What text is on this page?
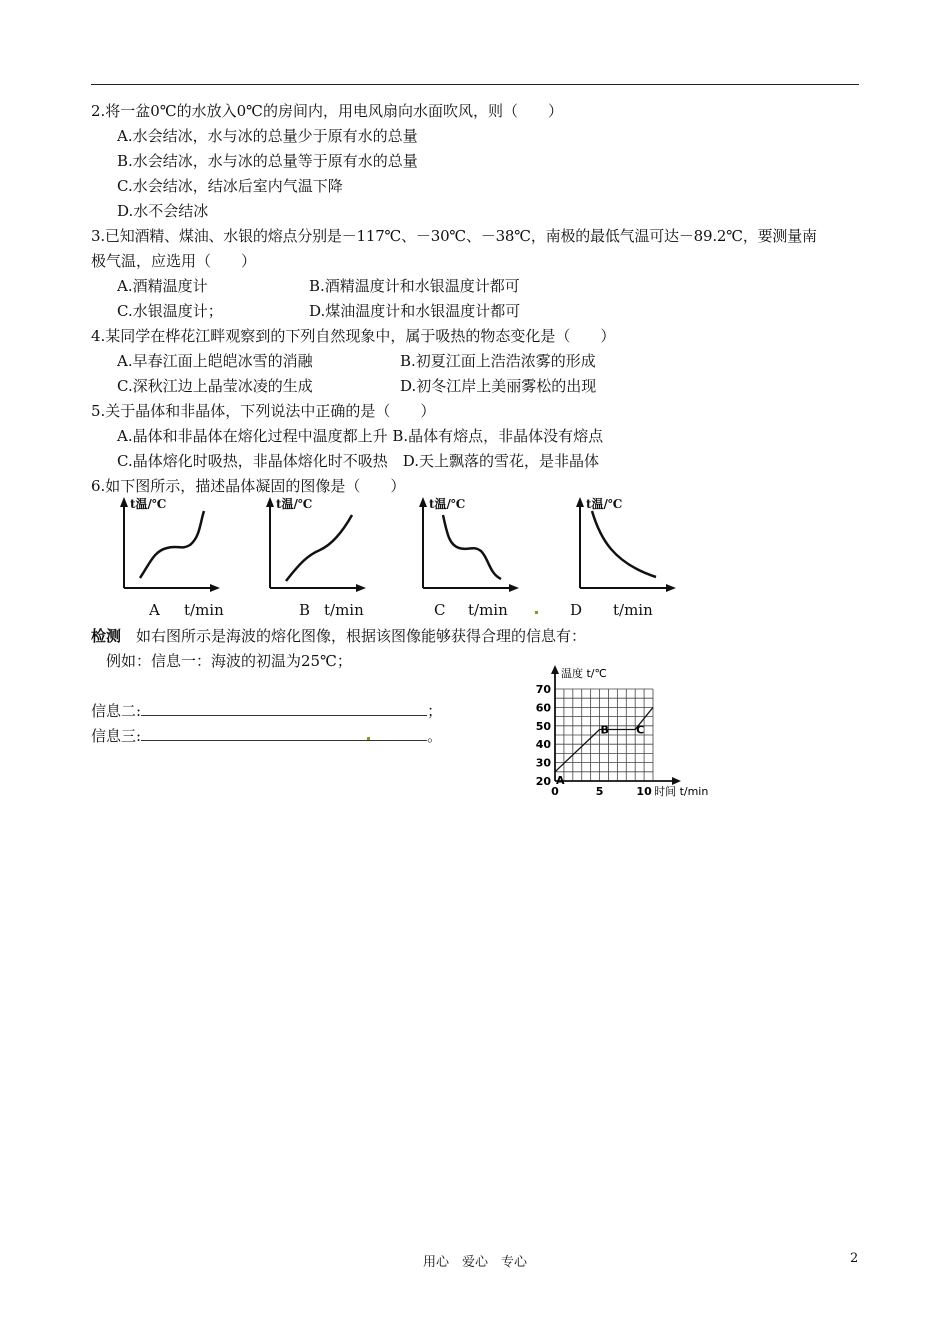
2.将一盆0℃的水放入0℃的房间内，用电风扇向水面吹风，则（　　）
A.水会结冰，水与冰的总量少于原有水的总量
B.水会结冰，水与冰的总量等于原有水的总量
C.水会结冰，结冰后室内气温下降
D.水不会结冰
3.已知酒精、煤油、水银的熔点分别是－117℃、－30℃、－38℃，南极的最低气温可达－89.2℃，要测量南
极气温，应选用（　　）
A.酒精温度计	B.酒精温度计和水银温度计都可
C.水银温度计；	D.煤油温度计和水银温度计都可
4.某同学在桦花江畔观察到的下列自然现象中，属于吸热的物态变化是（　　）
A.早春江面上皑皑冰雪的消融	B.初夏江面上浩浩浓雾的形成
C.深秋江边上晶莹冰凌的生成	D.初冬江岸上美丽雾松的出现
5.关于晶体和非晶体，下列说法中正确的是（　　）
A.晶体和非晶体在熔化过程中温度都上升 B.晶体有熔点，非晶体没有熔点
C.晶体熔化时吸热，非晶体熔化时不吸热　D.天上飘落的雪花，是非晶体
6.如下图所示，描述晶体凝固的图像是（　　）
t温/℃	t温/℃	t温/℃	t温/℃
A t/min	B t/min	C t/min	D t/min
检测　如右图所示是海波的熔化图像，根据该图像能够获得合理的信息有：
例如：信息一：海波的初温为25℃；
信息二:	；
信息三:	。
20
30
40
50
60
70
0	5	10
温度 t/℃
时间 t/min
A
B C
用心　爱心　专心	2
